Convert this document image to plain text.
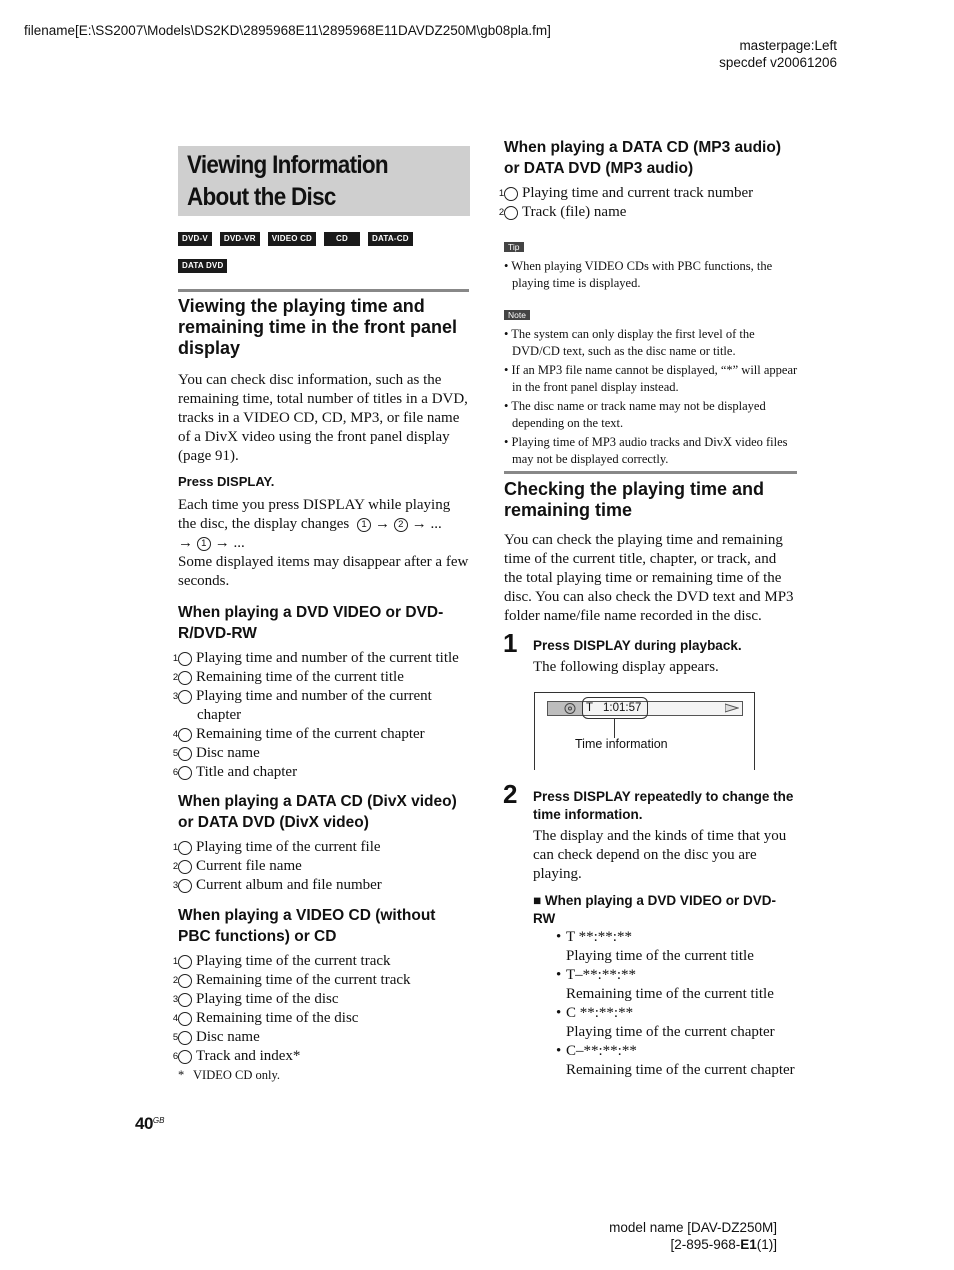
filename[E:\SS2007\Models\DS2KD\2895968E11\2895968E11DAVDZ250M\gb08pla.fm]
masterpage:Left
specdef v20061206
Viewing Information About the Disc
DVD-V DVD-VR VIDEO CD	CD	DATA-CD
DATA DVD
Viewing the playing time and remaining time in the front panel display

You can check disc information, such as the remaining time, total number of titles in a DVD, tracks in a VIDEO CD, CD, MP3, or file name of a DivX video using the front panel display (page 91).

Press DISPLAY.
Each time you press DISPLAY while playing the disc, the display changes 1 → 2 → ...
→ 1 → ...

Some displayed items may disappear after a few seconds.

When playing a DVD VIDEO or DVD-R/DVD-RW
1 Playing time and number of the current title
2 Remaining time of the current title
3 Playing time and number of the current chapter
4 Remaining time of the current chapter
5 Disc name
6 Title and chapter
When playing a DATA CD (DivX video) or DATA DVD (DivX video)
1 Playing time of the current file
2 Current file name
3 Current album and file number
When playing a VIDEO CD (without PBC functions) or CD
1 Playing time of the current track
2 Remaining time of the current track
3 Playing time of the disc
4 Remaining time of the disc
5 Disc name
6 Track and index*
* VIDEO CD only.
When playing a DATA CD (MP3 audio) or DATA DVD (MP3 audio)
1 Playing time and current track number
2 Track (file) name
Tip
• When playing VIDEO CDs with PBC functions, the playing time is displayed.
Note
• The system can only display the first level of the DVD/CD text, such as the disc name or title.
• If an MP3 file name cannot be displayed, “*” will appear in the front panel display instead.
• The disc name or track name may not be displayed depending on the text.
• Playing time of MP3 audio tracks and DivX video files may not be displayed correctly.
Checking the playing time and remaining time

You can check the playing time and remaining time of the current title, chapter, or track, and the total playing time or remaining time of the disc. You can also check the DVD text and MP3 folder name/file name recorded in the disc.

1 Press DISPLAY during playback.
The following display appears.
T 1:01:57
Time information
2 Press DISPLAY repeatedly to change the time information.
The display and the kinds of time that you can check depend on the disc you are playing.
■ When playing a DVD VIDEO or DVD-RW
• T **:**:**
Playing time of the current title
• T–**:**:**
Remaining time of the current title
• C **:**:**
Playing time of the current chapter
• C–**:**:**
Remaining time of the current chapter
$40^{GB}$
model name [DAV-DZ250M]
[2-895-968-E1(1)]
